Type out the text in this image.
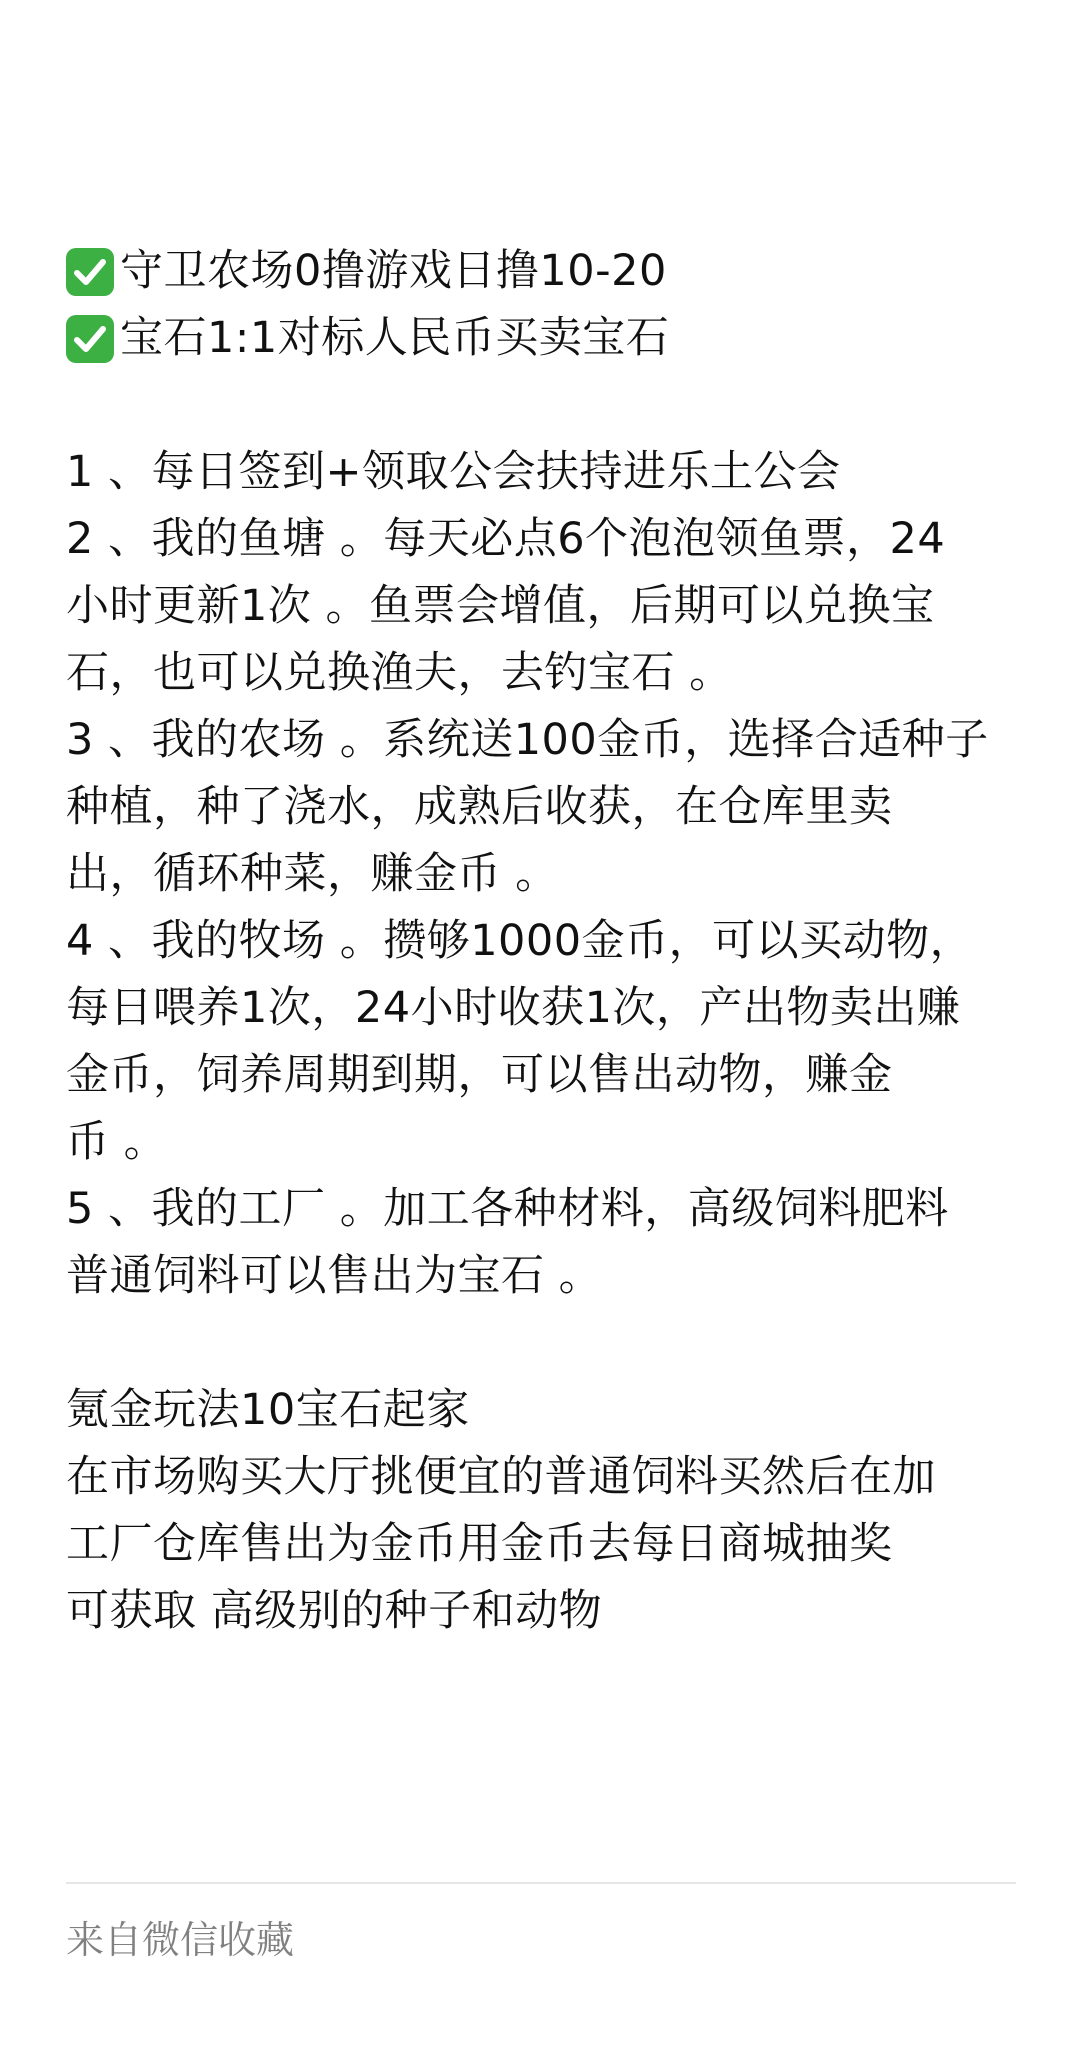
守卫农场0撸游戏日撸10-20
宝石1:1对标人民币买卖宝石
1 、每日签到+领取公会扶持进乐土公会
2 、我的鱼塘 。每天必点6个泡泡领鱼票，24
小时更新1次 。鱼票会增值，后期可以兑换宝
石，也可以兑换渔夫，去钓宝石 。
3 、我的农场 。系统送100金币，选择合适种子
种植，种了浇水，成熟后收获，在仓库里卖
出，循环种菜，赚金币 。
4 、我的牧场 。攒够1000金币，可以买动物，
每日喂养1次，24小时收获1次，产出物卖出赚
金币，饲养周期到期，可以售出动物，赚金
币 。
5 、我的工厂 。加工各种材料，高级饲料肥料
普通饲料可以售出为宝石 。
氪金玩法10宝石起家
在市场购买大厅挑便宜的普通饲料买然后在加
工厂仓库售出为金币用金币去每日商城抽奖
可获取 高级别的种子和动物
来自微信收藏
